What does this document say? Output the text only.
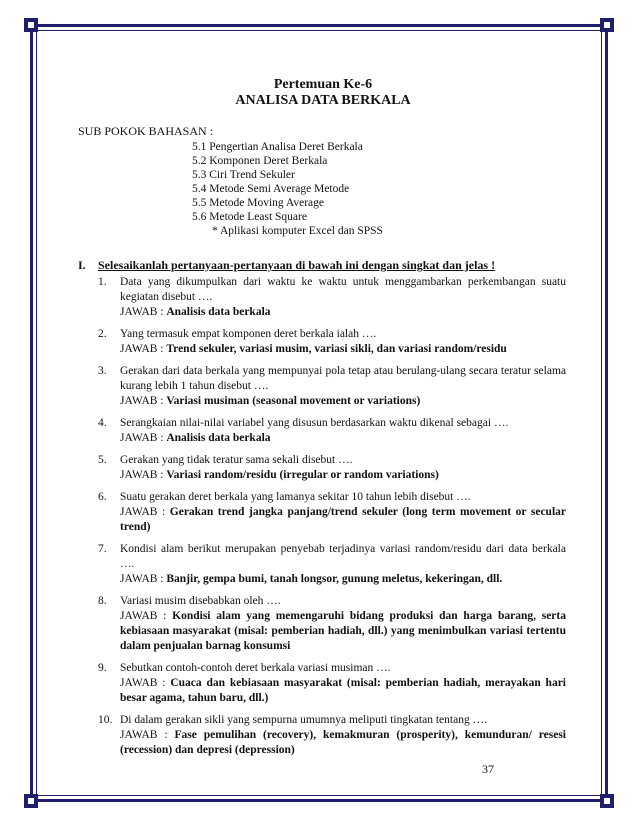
Pertemuan Ke-6
ANALISA DATA BERKALA
SUB POKOK BAHASAN :
5.1 Pengertian Analisa Deret Berkala
5.2 Komponen Deret Berkala
5.3 Ciri Trend Sekuler
5.4 Metode Semi Average Metode
5.5 Metode Moving Average
5.6 Metode Least Square
* Aplikasi komputer Excel dan SPSS
I. Selesaikanlah pertanyaan-pertanyaan di bawah ini dengan singkat dan jelas !
1.	Data yang dikumpulkan dari waktu ke waktu untuk menggambarkan perkembangan suatu kegiatan disebut ….
JAWAB : Analisis data berkala
2.	Yang termasuk empat komponen deret berkala ialah ….
JAWAB : Trend sekuler, variasi musim, variasi sikli, dan variasi random/residu
3.	Gerakan dari data berkala yang mempunyai pola tetap atau berulang-ulang secara teratur selama kurang lebih 1 tahun disebut ….
JAWAB : Variasi musiman (seasonal movement or variations)
4.	Serangkaian nilai-nilai variabel yang disusun berdasarkan waktu dikenal sebagai ….
JAWAB : Analisis data berkala
5.	Gerakan yang tidak teratur sama sekali disebut ….
JAWAB : Variasi random/residu (irregular or random variations)
6.	Suatu gerakan deret berkala yang lamanya sekitar 10 tahun lebih disebut ….
JAWAB : Gerakan trend jangka panjang/trend sekuler (long term movement or secular trend)
7.	Kondisi alam berikut merupakan penyebab terjadinya variasi random/residu dari data berkala ….
JAWAB : Banjir, gempa bumi, tanah longsor, gunung meletus, kekeringan, dll.
8.	Variasi musim disebabkan oleh ….
JAWAB : Kondisi alam yang memengaruhi bidang produksi dan harga barang, serta kebiasaan masyarakat (misal: pemberian hadiah, dll.) yang menimbulkan variasi tertentu dalam penjualan barnag konsumsi
9.	Sebutkan contoh-contoh deret berkala variasi musiman ….
JAWAB : Cuaca dan kebiasaan masyarakat (misal: pemberian hadiah, merayakan hari besar agama, tahun baru, dll.)
10. Di dalam gerakan sikli yang sempurna umumnya meliputi tingkatan tentang ….
JAWAB : Fase pemulihan (recovery), kemakmuran (prosperity), kemunduran/ resesi (recession) dan depresi (depression)
37
